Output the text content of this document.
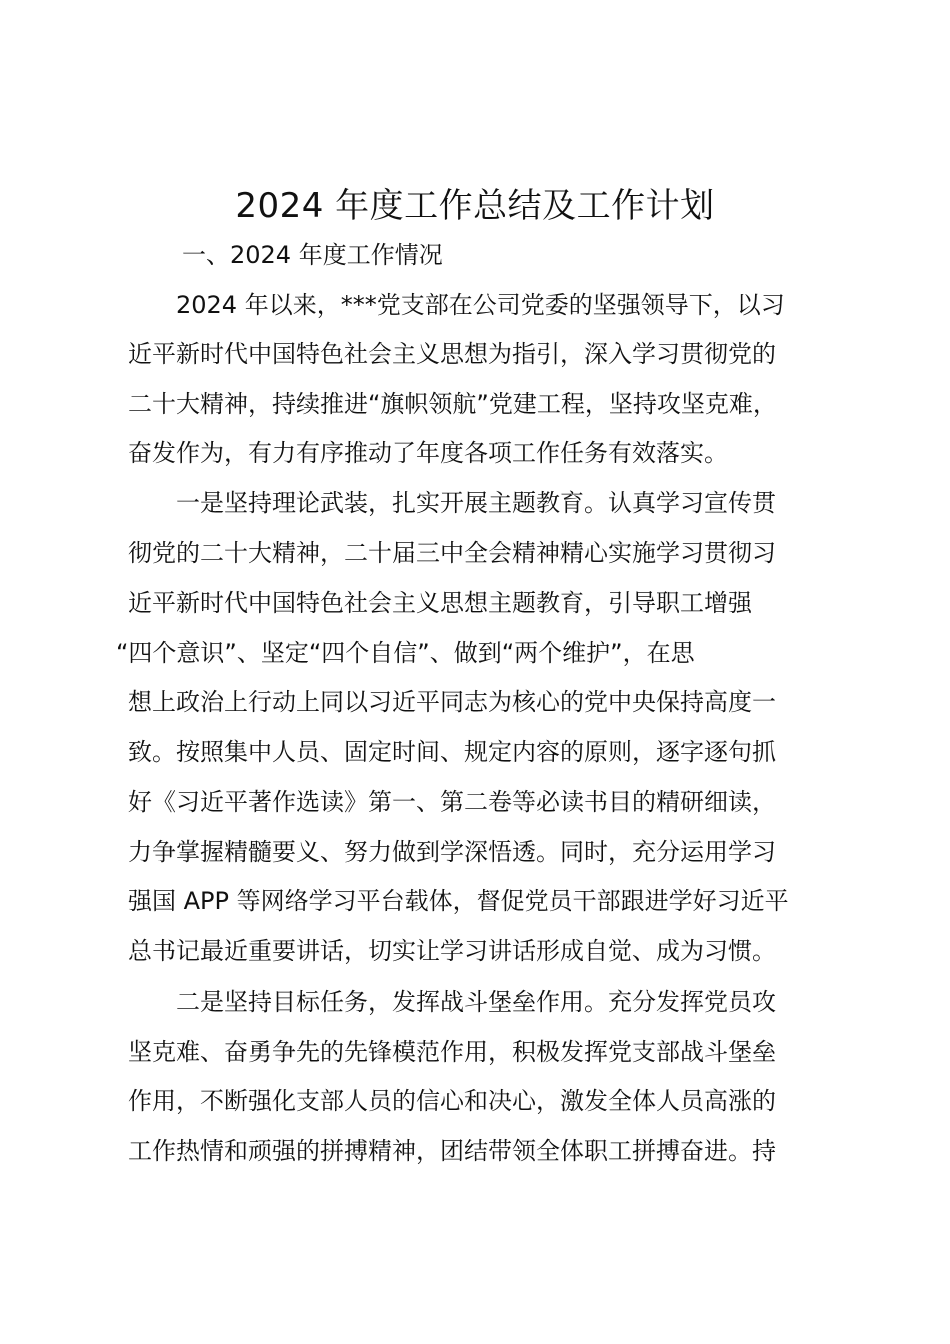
2024 年度工作总结及工作计划
一、2024 年度工作情况
2024 年以来，***党支部在公司党委的坚强领导下，以习
近平新时代中国特色社会主义思想为指引，深入学习贯彻党的
二十大精神，持续推进“旗帜领航”党建工程，坚持攻坚克难，
奋发作为，有力有序推动了年度各项工作任务有效落实。
一是坚持理论武装，扎实开展主题教育。认真学习宣传贯
彻党的二十大精神，二十届三中全会精神精心实施学习贯彻习
近平新时代中国特色社会主义思想主题教育，引导职工增强
“四个意识”、坚定“四个自信”、做到“两个维护”，在思
想上政治上行动上同以习近平同志为核心的党中央保持高度一
致。按照集中人员、固定时间、规定内容的原则，逐字逐句抓
好《习近平著作选读》第一、第二卷等必读书目的精研细读，
力争掌握精髓要义、努力做到学深悟透。同时，充分运用学习
强国 APP 等网络学习平台载体，督促党员干部跟进学好习近平
总书记最近重要讲话，切实让学习讲话形成自觉、成为习惯。
二是坚持目标任务，发挥战斗堡垒作用。充分发挥党员攻
坚克难、奋勇争先的先锋模范作用，积极发挥党支部战斗堡垒
作用，不断强化支部人员的信心和决心，激发全体人员高涨的
工作热情和顽强的拼搏精神，团结带领全体职工拼搏奋进。持
